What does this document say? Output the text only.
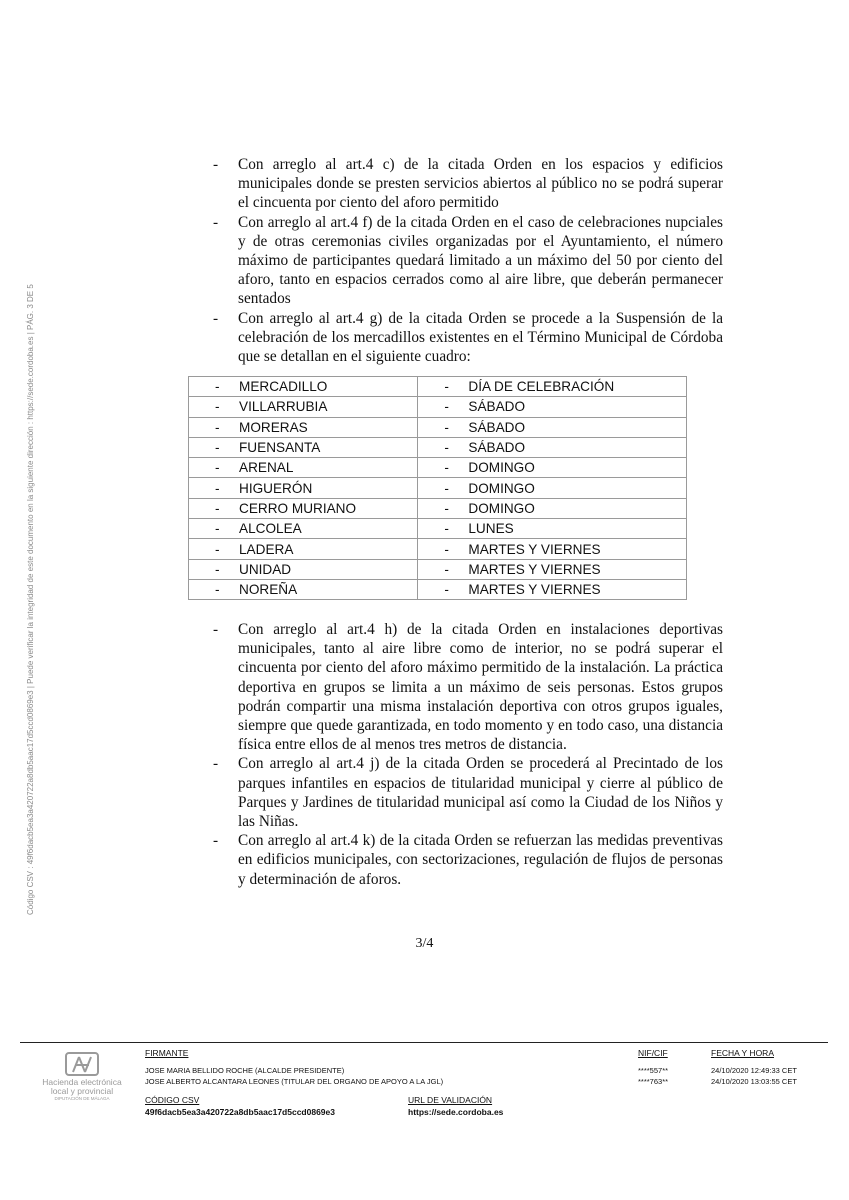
Código CSV : 49f6dacb5ea3a420722a8db5aac17d5ccd0869e3 | Puede verificar la integridad de este documento en la siguiente dirección : https://sede.cordoba.es | PÁG. 3 DE 5
- Con arreglo al art.4 c) de la citada Orden en los espacios y edificios municipales donde se presten servicios abiertos al público no se podrá superar el cincuenta por ciento del aforo permitido
- Con arreglo al art.4 f) de la citada Orden en el caso de celebraciones nupciales y de otras ceremonias civiles organizadas por el Ayuntamiento, el número máximo de participantes quedará limitado a un máximo del 50 por ciento del aforo, tanto en espacios cerrados como al aire libre, que deberán permanecer sentados
- Con arreglo al art.4 g) de la citada Orden se procede a la Suspensión de la celebración de los mercadillos existentes en el Término Municipal de Córdoba que se detallan en el siguiente cuadro:
- MERCADILLO	- DÍA DE CELEBRACIÓN
- VILLARRUBIA	- SÁBADO
- MORERAS	- SÁBADO
- FUENSANTA	- SÁBADO
- ARENAL	- DOMINGO
- HIGUERÓN	- DOMINGO
- CERRO MURIANO	- DOMINGO
- ALCOLEA	- LUNES
- LADERA	- MARTES Y VIERNES
- UNIDAD	- MARTES Y VIERNES
- NOREÑA	- MARTES Y VIERNES
- Con arreglo al art.4 h) de la citada Orden en instalaciones deportivas municipales, tanto al aire libre como de interior, no se podrá superar el cincuenta por ciento del aforo máximo permitido de la instalación. La práctica deportiva en grupos se limita a un máximo de seis personas. Estos grupos podrán compartir una misma instalación deportiva con otros grupos iguales, siempre que quede garantizada, en todo momento y en todo caso, una distancia física entre ellos de al menos tres metros de distancia.
- Con arreglo al art.4 j) de la citada Orden se procederá al Precintado de los parques infantiles en espacios de titularidad municipal y cierre al público de Parques y Jardines de titularidad municipal así como la Ciudad de los Niños y las Niñas.
- Con arreglo al art.4 k) de la citada Orden se refuerzan las medidas preventivas en edificios municipales, con sectorizaciones, regulación de flujos de personas y determinación de aforos.
3/4
Hacienda electrónica
local y provincial
DIPUTACIÓN DE MÁLAGA
FIRMANTE	NIF/CIF	FECHA Y HORA
JOSE MARIA BELLIDO ROCHE (ALCALDE PRESIDENTE)	****557**	24/10/2020 12:49:33 CET
JOSE ALBERTO ALCANTARA LEONES (TITULAR DEL ORGANO DE APOYO A LA JGL)	****763**	24/10/2020 13:03:55 CET
CÓDIGO CSV
49f6dacb5ea3a420722a8db5aac17d5ccd0869e3
URL DE VALIDACIÓN
https://sede.cordoba.es
